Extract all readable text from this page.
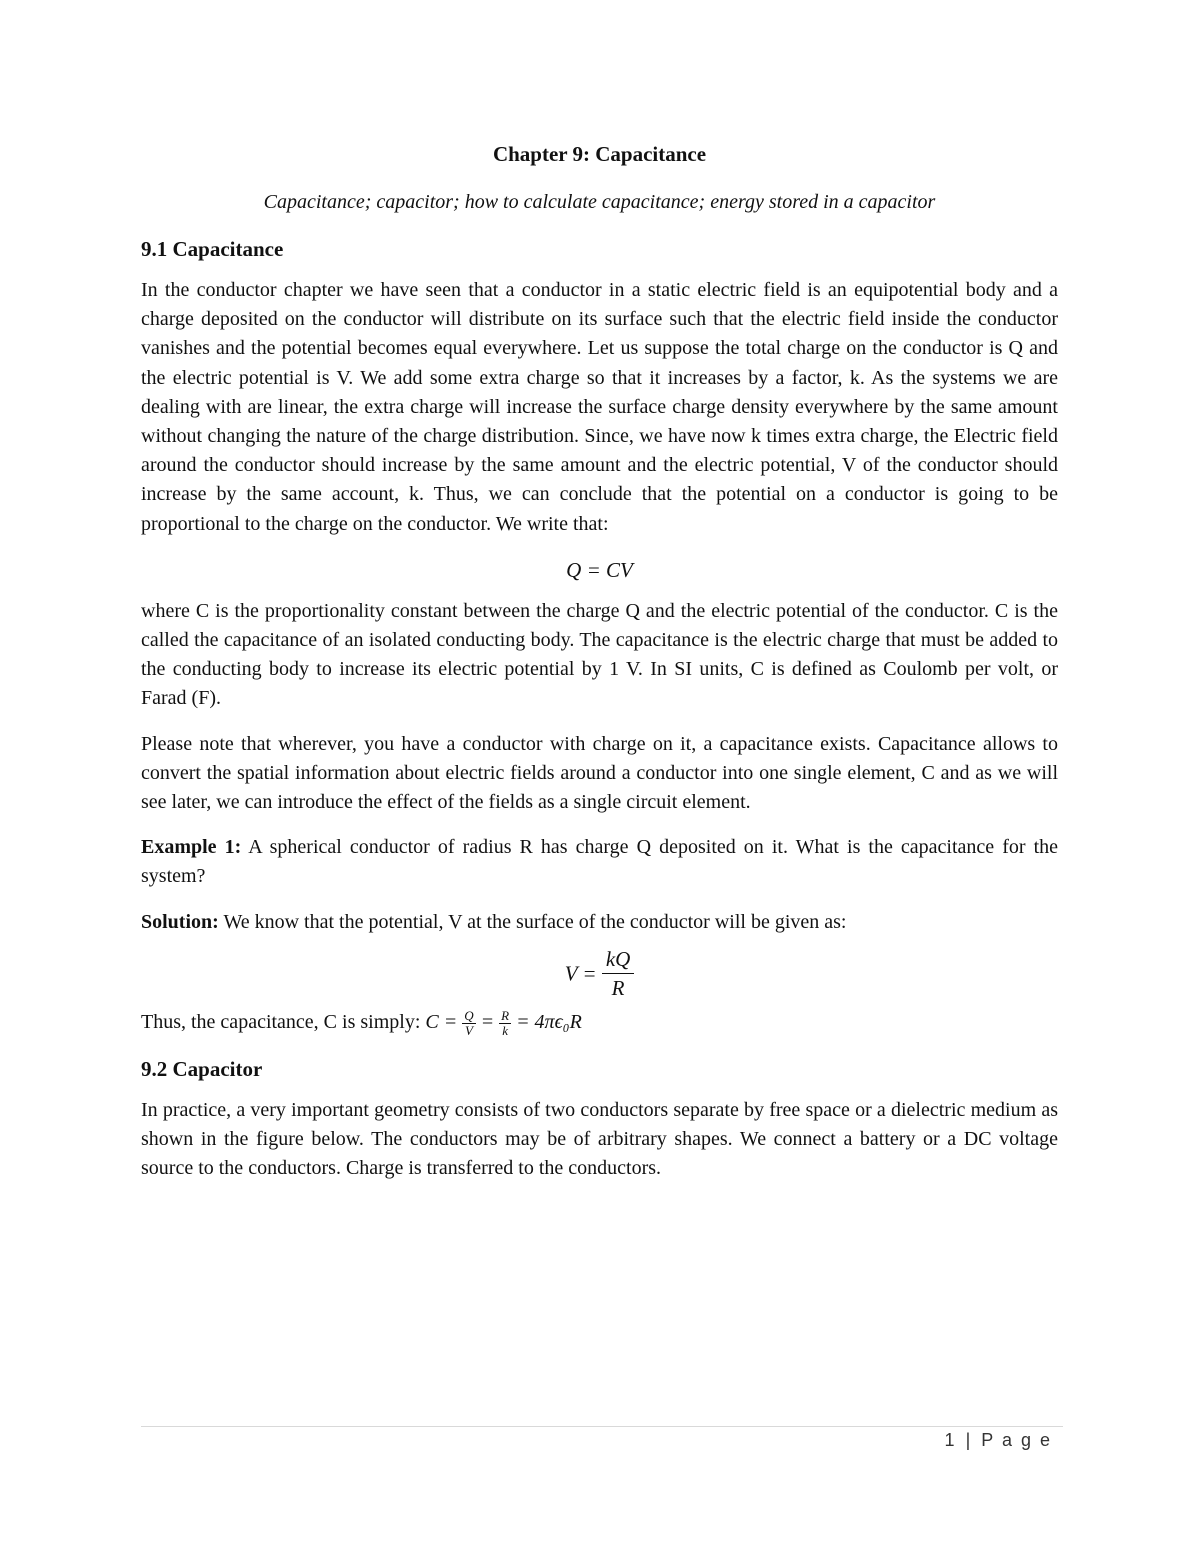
Chapter 9: Capacitance
Capacitance; capacitor; how to calculate capacitance; energy stored in a capacitor
9.1 Capacitance

In the conductor chapter we have seen that a conductor in a static electric field is an equipotential body and a charge deposited on the conductor will distribute on its surface such that the electric field inside the conductor vanishes and the potential becomes equal everywhere. Let us suppose the total charge on the conductor is Q and the electric potential is V. We add some extra charge so that it increases by a factor, k. As the systems we are dealing with are linear, the extra charge will increase the surface charge density everywhere by the same amount without changing the nature of the charge distribution. Since, we have now k times extra charge, the Electric field around the conductor should increase by the same amount and the electric potential, V of the conductor should increase by the same account, k. Thus, we can conclude that the potential on a conductor is going to be proportional to the charge on the conductor. We write that:

Q = CV

where C is the proportionality constant between the charge Q and the electric potential of the conductor. C is the called the capacitance of an isolated conducting body. The capacitance is the electric charge that must be added to the conducting body to increase its electric potential by 1 V. In SI units, C is defined as Coulomb per volt, or Farad (F).

Please note that wherever, you have a conductor with charge on it, a capacitance exists. Capacitance allows to convert the spatial information about electric fields around a conductor into one single element, C and as we will see later, we can introduce the effect of the fields as a single circuit element.

Example 1: A spherical conductor of radius R has charge Q deposited on it. What is the capacitance for the system?

Solution: We know that the potential, V at the surface of the conductor will be given as:

$V = \frac{kQ}{R}$

Thus, the capacitance, C is simply: $C = \frac{Q}{V} = \frac{R}{k} = 4\pi\epsilon_0R$

9.2 Capacitor

In practice, a very important geometry consists of two conductors separate by free space or a dielectric medium as shown in the figure below. The conductors may be of arbitrary shapes. We connect a battery or a DC voltage source to the conductors. Charge is transferred to the conductors.

1 | P a g e
